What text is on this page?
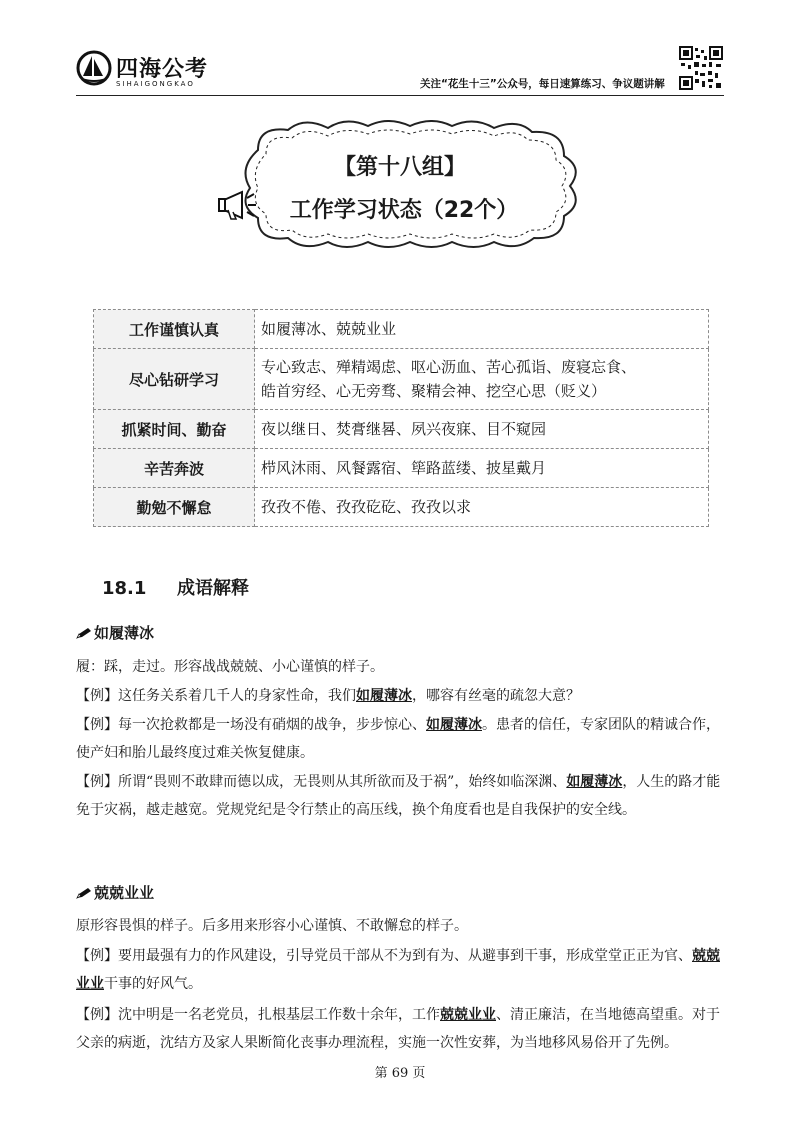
四海公考
SIHAIGONGKAO	关注“花生十三”公众号，每日速算练习、争议题讲解
【第十八组】
工作学习状态（22个）
工作谨慎认真	如履薄冰、兢兢业业
尽心钻研学习	专心致志、殚精竭虑、呕心沥血、苦心孤诣、废寝忘食、
皓首穷经、心无旁骛、聚精会神、挖空心思（贬义）

抓紧时间、勤奋	夜以继日、焚膏继晷、夙兴夜寐、目不窥园
辛苦奔波	栉风沐雨、风餐露宿、筚路蓝缕、披星戴月
勤勉不懈怠	孜孜不倦、孜孜矻矻、孜孜以求
18.1 成语解释
如履薄冰
履：踩，走过。形容战战兢兢、小心谨慎的样子。
【例】这任务关系着几千人的身家性命，我们如履薄冰，哪容有丝毫的疏忽大意？
【例】每一次抢救都是一场没有硝烟的战争，步步惊心、如履薄冰。患者的信任，专家团队的精诚合作，使产妇和胎儿最终度过难关恢复健康。
【例】所谓“畏则不敢肆而德以成，无畏则从其所欲而及于祸”，始终如临深渊、如履薄冰，人生的路才能免于灾祸，越走越宽。党规党纪是令行禁止的高压线，换个角度看也是自我保护的安全线。
兢兢业业
原形容畏惧的样子。后多用来形容小心谨慎、不敢懈怠的样子。
【例】要用最强有力的作风建设，引导党员干部从不为到有为、从避事到干事，形成堂堂正正为官、兢兢业业干事的好风气。
【例】沈中明是一名老党员，扎根基层工作数十余年，工作兢兢业业、清正廉洁，在当地德高望重。对于父亲的病逝，沈结方及家人果断简化丧事办理流程，实施一次性安葬，为当地移风易俗开了先例。
第 69 页
